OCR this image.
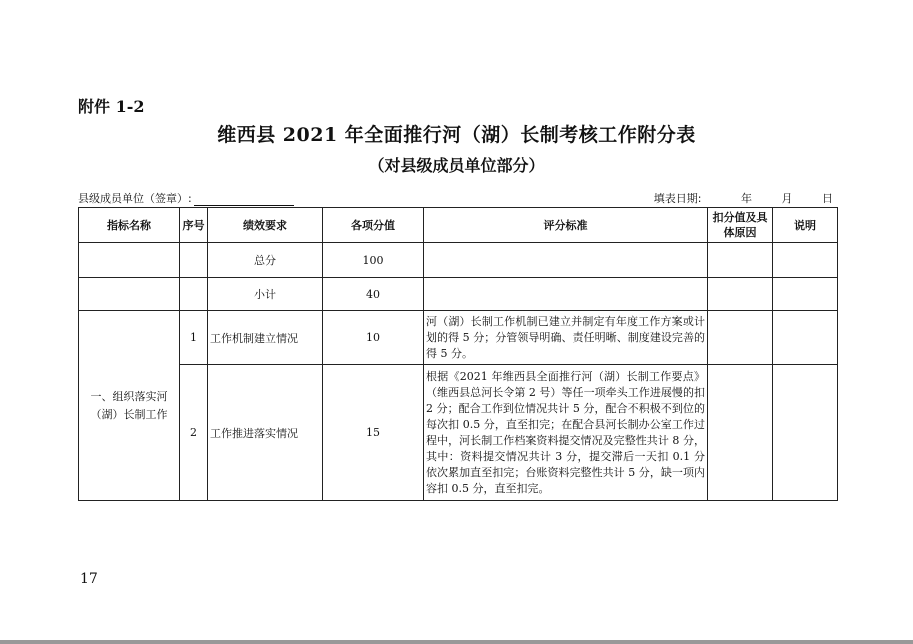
附件 1-2
维西县 2021 年全面推行河（湖）长制考核工作附分表
（对县级成员单位部分）
县级成员单位（签章）:	填表日期:	年	月	日
指标名称	序号	绩效要求	各项分值	评分标准	扣分值及具体原因	说明
		总分	100			
		小计	40			
一、组织落实河（湖）长制工作	1	工作机制建立情况	10	河（湖）长制工作机制已建立并制定有年度工作方案或计划的得 5 分；分管领导明确、责任明晰、制度建设完善的得 5 分。		
	2	工作推进落实情况	15	根据《2021 年维西县全面推行河（湖）长制工作要点》（维西县总河长令第 2 号）等任一项牵头工作进展慢的扣 2 分；配合工作到位情况共计 5 分，配合不积极不到位的每次扣 0.5 分，直至扣完；在配合县河长制办公室工作过程中，河长制工作档案资料提交情况及完整性共计 8 分，其中：资料提交情况共计 3 分，提交滞后一天扣 0.1 分依次累加直至扣完；台账资料完整性共计 5 分，缺一项内容扣 0.5 分，直至扣完。		
17
